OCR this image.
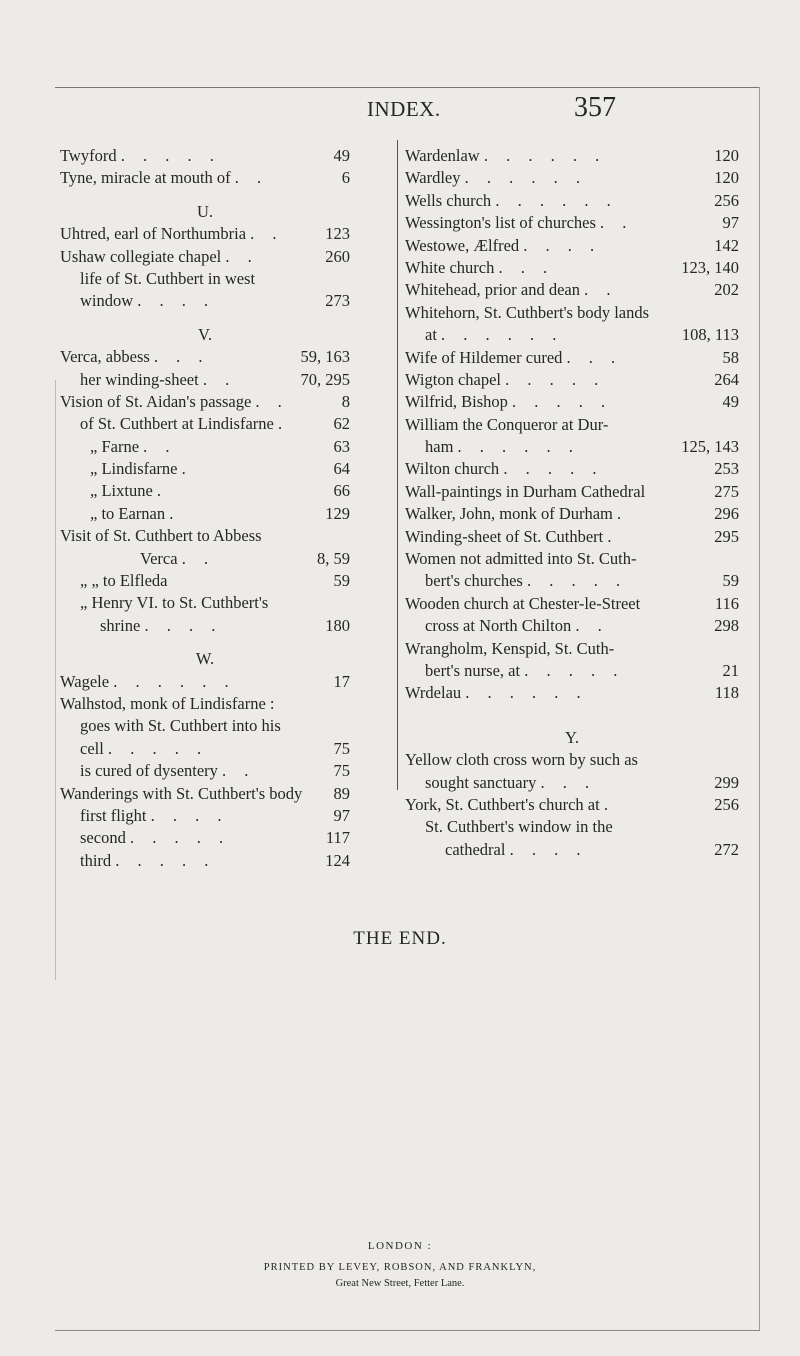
INDEX.	357
Twyford . . . . .	49
Tyne, miracle at mouth of . .	6
U.
Uhtred, earl of Northumbria . .	123
Ushaw collegiate chapel . .	260
life of St. Cuthbert in west
window . . . .	273
V.
Verca, abbess . . .	59, 163
her winding-sheet . .	70, 295
Vision of St. Aidan's passage . .	8
of St. Cuthbert at Lindisfarne .	62
„ Farne . .	63
„ Lindisfarne .	64
„ Lixtune .	66
„ to Earnan .	129
Visit of St. Cuthbert to Abbess
Verca . .	8, 59
„ „ to Elfleda	59
„ Henry VI. to St. Cuthbert's
shrine . . . .	180
W.
Wagele . . . . . .	17
Walhstod, monk of Lindisfarne :
goes with St. Cuthbert into his
cell . . . . .	75
is cured of dysentery . .	75
Wanderings with St. Cuthbert's body 89
first flight . . . .	97
second . . . . .	117
third . . . . .	124
Wardenlaw . . . . . .	120
Wardley . . . . . .	120
Wells church . . . . . .	256
Wessington's list of churches . .	97
Westowe, Ælfred . . . .	142
White church . . .	123, 140
Whitehead, prior and dean . .	202
Whitehorn, St. Cuthbert's body lands
at . . . . . .	108, 113
Wife of Hildemer cured . . .	58
Wigton chapel . . . . .	264
Wilfrid, Bishop . . . . .	49
William the Conqueror at Dur-
ham . . . . . .	125, 143
Wilton church . . . . .	253
Wall-paintings in Durham Cathedral	275
Walker, John, monk of Durham .	296
Winding-sheet of St. Cuthbert .	295
Women not admitted into St. Cuth-
bert's churches . . . . .	59
Wooden church at Chester-le-Street	116
cross at North Chilton . .	298
Wrangholm, Kenspid, St. Cuth-
bert's nurse, at . . . . .	21
Wrdelau . . . . . .	118
Y.
Yellow cloth cross worn by such as
sought sanctuary . . .	299
York, St. Cuthbert's church at .	256
St. Cuthbert's window in the
cathedral . . . .	272
THE END.
LONDON :
PRINTED BY LEVEY, ROBSON, AND FRANKLYN,
Great New Street, Fetter Lane.
